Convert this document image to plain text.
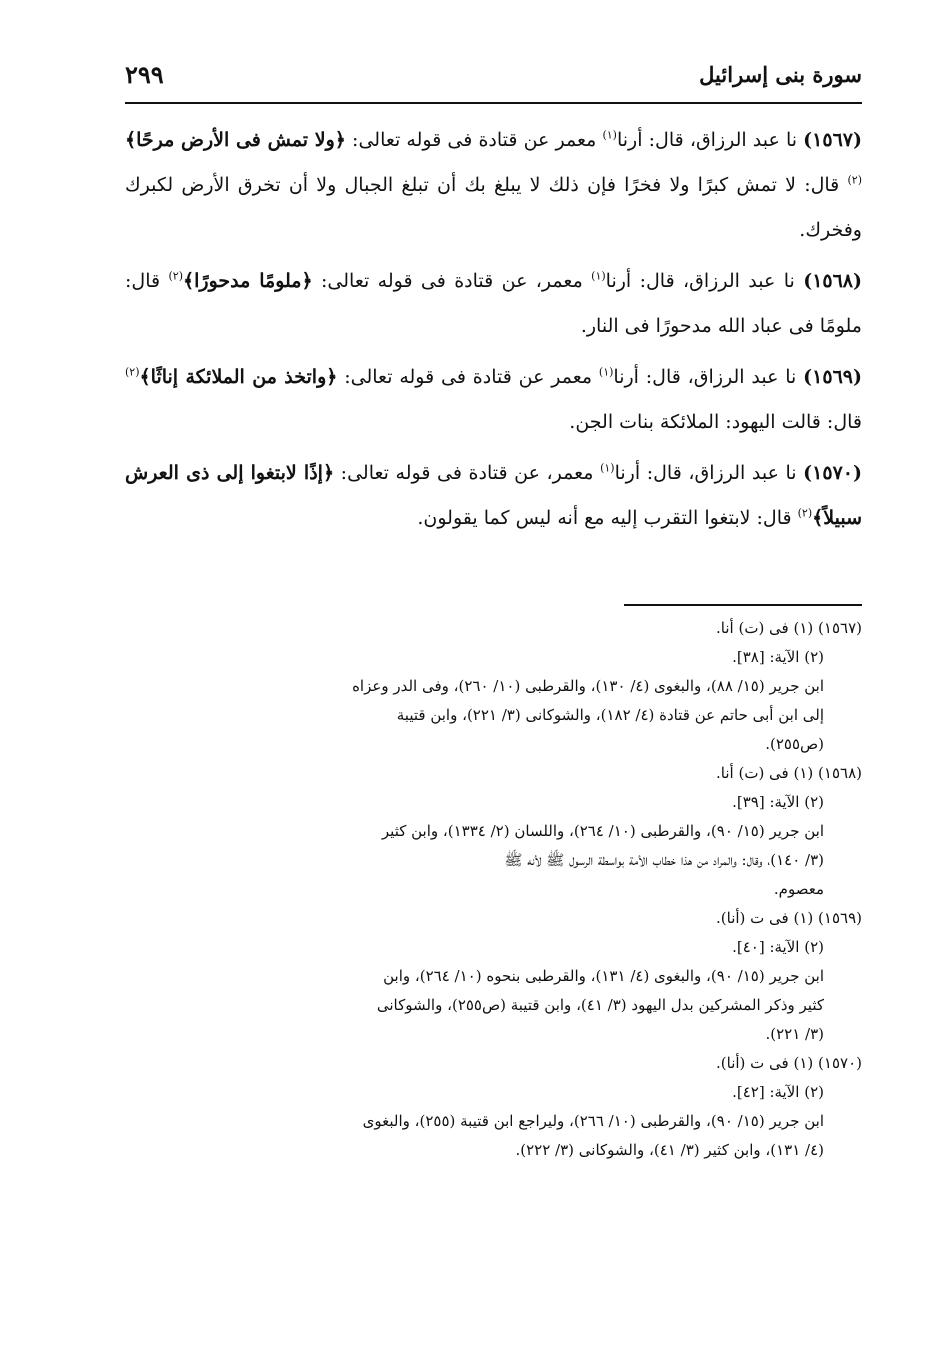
سورة بنى إسرائيل
٢٩٩

(١٥٦٧) نا عبد الرزاق، قال: أرنا$^{(١)}$ معمر عن قتادة فى قوله تعالى: ﴿ولا تمش فى الأرض مرحًا﴾$^{(٢)}$ قال: لا تمش كبرًا ولا فخرًا فإن ذلك لا يبلغ بك أن تبلغ الجبال ولا أن تخرق الأرض لكبرك وفخرك.

(١٥٦٨) نا عبد الرزاق، قال: أرنا$^{(١)}$ معمر، عن قتادة فى قوله تعالى: ﴿ملومًا مدحورًا﴾$^{(٢)}$ قال: ملومًا فى عباد الله مدحورًا فى النار.

(١٥٦٩) نا عبد الرزاق، قال: أرنا$^{(١)}$ معمر عن قتادة فى قوله تعالى: ﴿واتخذ من الملائكة إناثًا﴾$^{(٢)}$ قال: قالت اليهود: الملائكة بنات الجن.

(١٥٧٠) نا عبد الرزاق، قال: أرنا$^{(١)}$ معمر، عن قتادة فى قوله تعالى: ﴿إذًا لابتغوا إلى ذى العرش سبيلاً﴾$^{(٢)}$ قال: لابتغوا التقرب إليه مع أنه ليس كما يقولون.

(١٥٦٧) (١) فى (ت) أنا.
(٢) الآية: [٣٨].
ابن جرير (١٥/ ٨٨)، والبغوى (٤/ ١٣٠)، والقرطبى (١٠/ ٢٦٠)، وفى الدر وعزاه
إلى ابن أبى حاتم عن قتادة (٤/ ١٨٢)، والشوكانى (٣/ ٢٢١)، وابن قتيبة
(ص٢٥٥).
(١٥٦٨) (١) فى (ت) أنا.
(٢) الآية: [٣٩].
ابن جرير (١٥/ ٩٠)، والقرطبى (١٠/ ٢٦٤)، واللسان (٢/ ١٣٣٤)، وابن كثير
(٣/ ١٤٠)، وقال: والمراد من هذا خطاب الأمة بواسطة الرسول ﷺ لأنه ﷺ
معصوم.
(١٥٦٩) (١) فى ت (أنا).
(٢) الآية: [٤٠].
ابن جرير (١٥/ ٩٠)، والبغوى (٤/ ١٣١)، والقرطبى بنحوه (١٠/ ٢٦٤)، وابن
كثير وذكر المشركين بدل اليهود (٣/ ٤١)، وابن قتيبة (ص٢٥٥)، والشوكانى
(٣/ ٢٢١).
(١٥٧٠) (١) فى ت (أنا).
(٢) الآية: [٤٢].
ابن جرير (١٥/ ٩٠)، والقرطبى (١٠/ ٢٦٦)، وليراجع ابن قتيبة (٢٥٥)، والبغوى
(٤/ ١٣١)، وابن كثير (٣/ ٤١)، والشوكانى (٣/ ٢٢٢).
